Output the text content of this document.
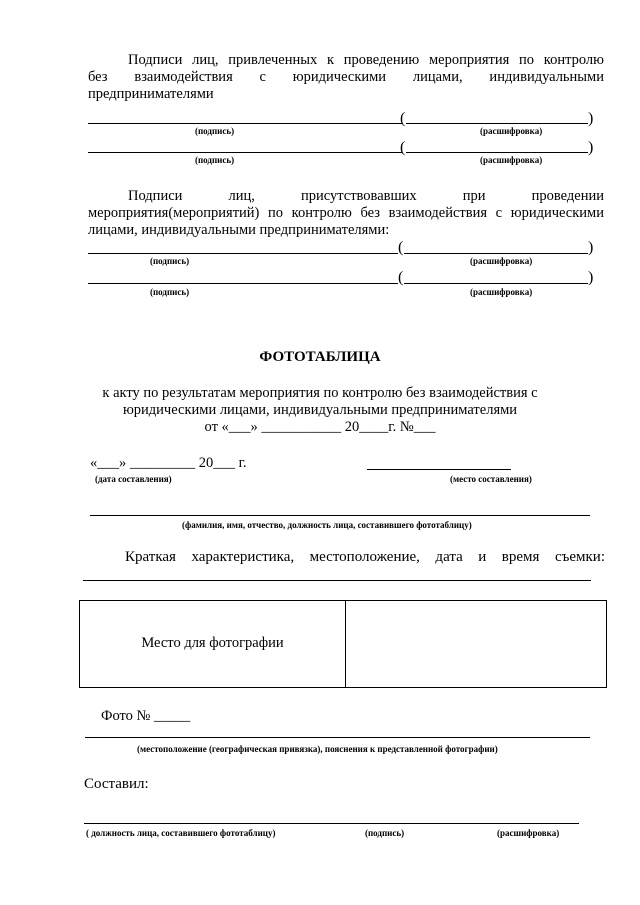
Подписи лиц, привлеченных к проведению мероприятия по контролю
без взаимодействия с юридическими лицами, индивидуальными
предпринимателями
(	)
(подпись)	(расшифровка)
(	)
(подпись)	(расшифровка)
Подписи лиц, присутствовавших при проведении
мероприятия(мероприятий) по контролю без взаимодействия с юридическими
лицами, индивидуальными предпринимателями:
(	)
(подпись)	(расшифровка)
(	)
(подпись)	(расшифровка)
ФОТОТАБЛИЦА
к акту по результатам мероприятия по контролю без взаимодействия с
юридическими лицами, индивидуальными предпринимателями
от «___» ___________ 20____г. №___
«___» _________ 20___ г.
(дата составления)	(место составления)
(фамилия, имя, отчество, должность лица, составившего фототаблицу)
Краткая характеристика, местоположение, дата и время съемки:
Место для фотографии
Фото № _____
(местоположение (географическая привязка), пояснения к представленной фотографии)
Составил:
( должность лица, составившего фототаблицу)	(подпись)	(расшифровка)
